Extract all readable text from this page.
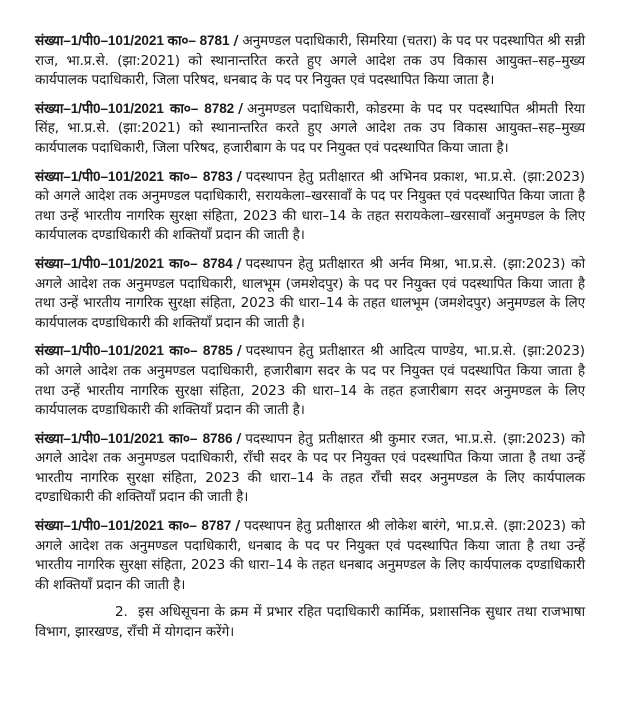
संख्या–1/पी0–101/2021 का०– 8781 / अनुमण्डल पदाधिकारी, सिमरिया (चतरा) के पद पर पदस्थापित श्री सन्नी राज, भा.प्र.से. (झा:2021) को स्थानान्तरित करते हुए अगले आदेश तक उप विकास आयुक्त–सह–मुख्य कार्यपालक पदाधिकारी, जिला परिषद, धनबाद के पद पर नियुक्त एवं पदस्थापित किया जाता है।

संख्या–1/पी0–101/2021 का०– 8782 / अनुमण्डल पदाधिकारी, कोडरमा के पद पर पदस्थापित श्रीमती रिया सिंह, भा.प्र.से. (झा:2021) को स्थानान्तरित करते हुए अगले आदेश तक उप विकास आयुक्त–सह–मुख्य कार्यपालक पदाधिकारी, जिला परिषद, हजारीबाग के पद पर नियुक्त एवं पदस्थापित किया जाता है।

संख्या–1/पी0–101/2021 का०– 8783 / पदस्थापन हेतु प्रतीक्षारत श्री अभिनव प्रकाश, भा.प्र.से. (झा:2023) को अगले आदेश तक अनुमण्डल पदाधिकारी, सरायकेला–खरसावाँ के पद पर नियुक्त एवं पदस्थापित किया जाता है तथा उन्हें भारतीय नागरिक सुरक्षा संहिता, 2023 की धारा–14 के तहत सरायकेला–खरसावाँ अनुमण्डल के लिए कार्यपालक दण्डाधिकारी की शक्तियाँ प्रदान की जाती है।

संख्या–1/पी0–101/2021 का०– 8784 / पदस्थापन हेतु प्रतीक्षारत श्री अर्नव मिश्रा, भा.प्र.से. (झा:2023) को अगले आदेश तक अनुमण्डल पदाधिकारी, धालभूम (जमशेदपुर) के पद पर नियुक्त एवं पदस्थापित किया जाता है तथा उन्हें भारतीय नागरिक सुरक्षा संहिता, 2023 की धारा–14 के तहत धालभूम (जमशेदपुर) अनुमण्डल के लिए कार्यपालक दण्डाधिकारी की शक्तियाँ प्रदान की जाती है।

संख्या–1/पी0–101/2021 का०– 8785 / पदस्थापन हेतु प्रतीक्षारत श्री आदित्य पाण्डेय, भा.प्र.से. (झा:2023) को अगले आदेश तक अनुमण्डल पदाधिकारी, हजारीबाग सदर के पद पर नियुक्त एवं पदस्थापित किया जाता है तथा उन्हें भारतीय नागरिक सुरक्षा संहिता, 2023 की धारा–14 के तहत हजारीबाग सदर अनुमण्डल के लिए कार्यपालक दण्डाधिकारी की शक्तियाँ प्रदान की जाती है।

संख्या–1/पी0–101/2021 का०– 8786 / पदस्थापन हेतु प्रतीक्षारत श्री कुमार रजत, भा.प्र.से. (झा:2023) को अगले आदेश तक अनुमण्डल पदाधिकारी, राँची सदर के पद पर नियुक्त एवं पदस्थापित किया जाता है तथा उन्हें भारतीय नागरिक सुरक्षा संहिता, 2023 की धारा–14 के तहत राँची सदर अनुमण्डल के लिए कार्यपालक दण्डाधिकारी की शक्तियाँ प्रदान की जाती है।

संख्या–1/पी0–101/2021 का०– 8787 / पदस्थापन हेतु प्रतीक्षारत श्री लोकेश बारंगे, भा.प्र.से. (झा:2023) को अगले आदेश तक अनुमण्डल पदाधिकारी, धनबाद के पद पर नियुक्त एवं पदस्थापित किया जाता है तथा उन्हें भारतीय नागरिक सुरक्षा संहिता, 2023 की धारा–14 के तहत धनबाद अनुमण्डल के लिए कार्यपालक दण्डाधिकारी की शक्तियाँ प्रदान की जाती है।

2. इस अधिसूचना के क्रम में प्रभार रहित पदाधिकारी कार्मिक, प्रशासनिक सुधार तथा राजभाषा विभाग, झारखण्ड, राँची में योगदान करेंगे।
